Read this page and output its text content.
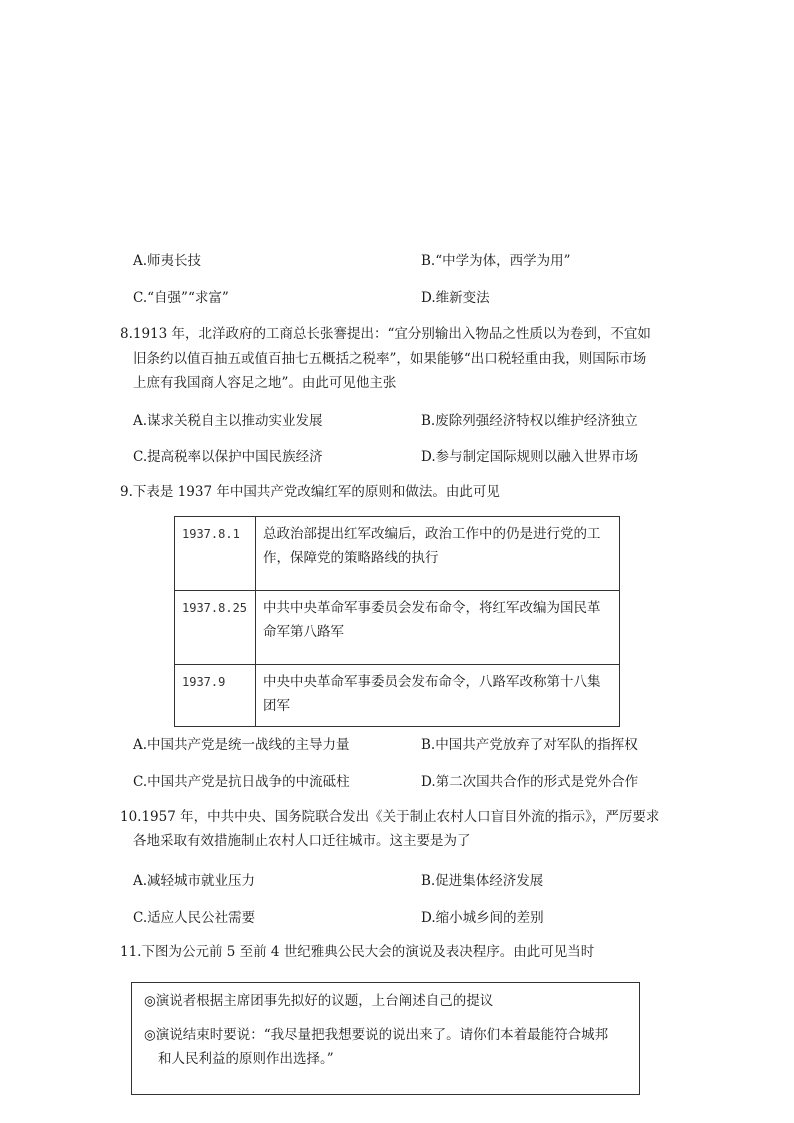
A.师夷长技	B.“中学为体，西学为用”
C.“自强”“求富”	D.维新变法
8.1913 年，北洋政府的工商总长张謇提出：“宜分别输出入物品之性质以为卷到，不宜如
旧条约以值百抽五或值百抽七五概括之税率”，如果能够“出口税轻重由我，则国际市场
上庶有我国商人容足之地”。由此可见他主张
A.谋求关税自主以推动实业发展	B.废除列强经济特权以维护经济独立
C.提高税率以保护中国民族经济	D.参与制定国际规则以融入世界市场
9.下表是 1937 年中国共产党改编红军的原则和做法。由此可见
1937.8.1	总政治部提出红军改编后，政治工作中的仍是进行党的工
作，保障党的策略路线的执行

1937.8.25	中共中央革命军事委员会发布命令，将红军改编为国民革
命军第八路军

1937.9	中央中央革命军事委员会发布命令，八路军改称第十八集
团军
A.中国共产党是统一战线的主导力量	B.中国共产党放弃了对军队的指挥权
C.中国共产党是抗日战争的中流砥柱	D.第二次国共合作的形式是党外合作
10.1957 年，中共中央、国务院联合发出《关于制止农村人口盲目外流的指示》，严厉要求
各地采取有效措施制止农村人口迁往城市。这主要是为了
A.减轻城市就业压力	B.促进集体经济发展
C.适应人民公社需要	D.缩小城乡间的差别
11.下图为公元前 5 至前 4 世纪雅典公民大会的演说及表决程序。由此可见当时

◎演说者根据主席团事先拟好的议题，上台阐述自己的提议

◎演说结束时要说：“我尽量把我想要说的说出来了。请你们本着最能符合城邦
和人民利益的原则作出选择。”
